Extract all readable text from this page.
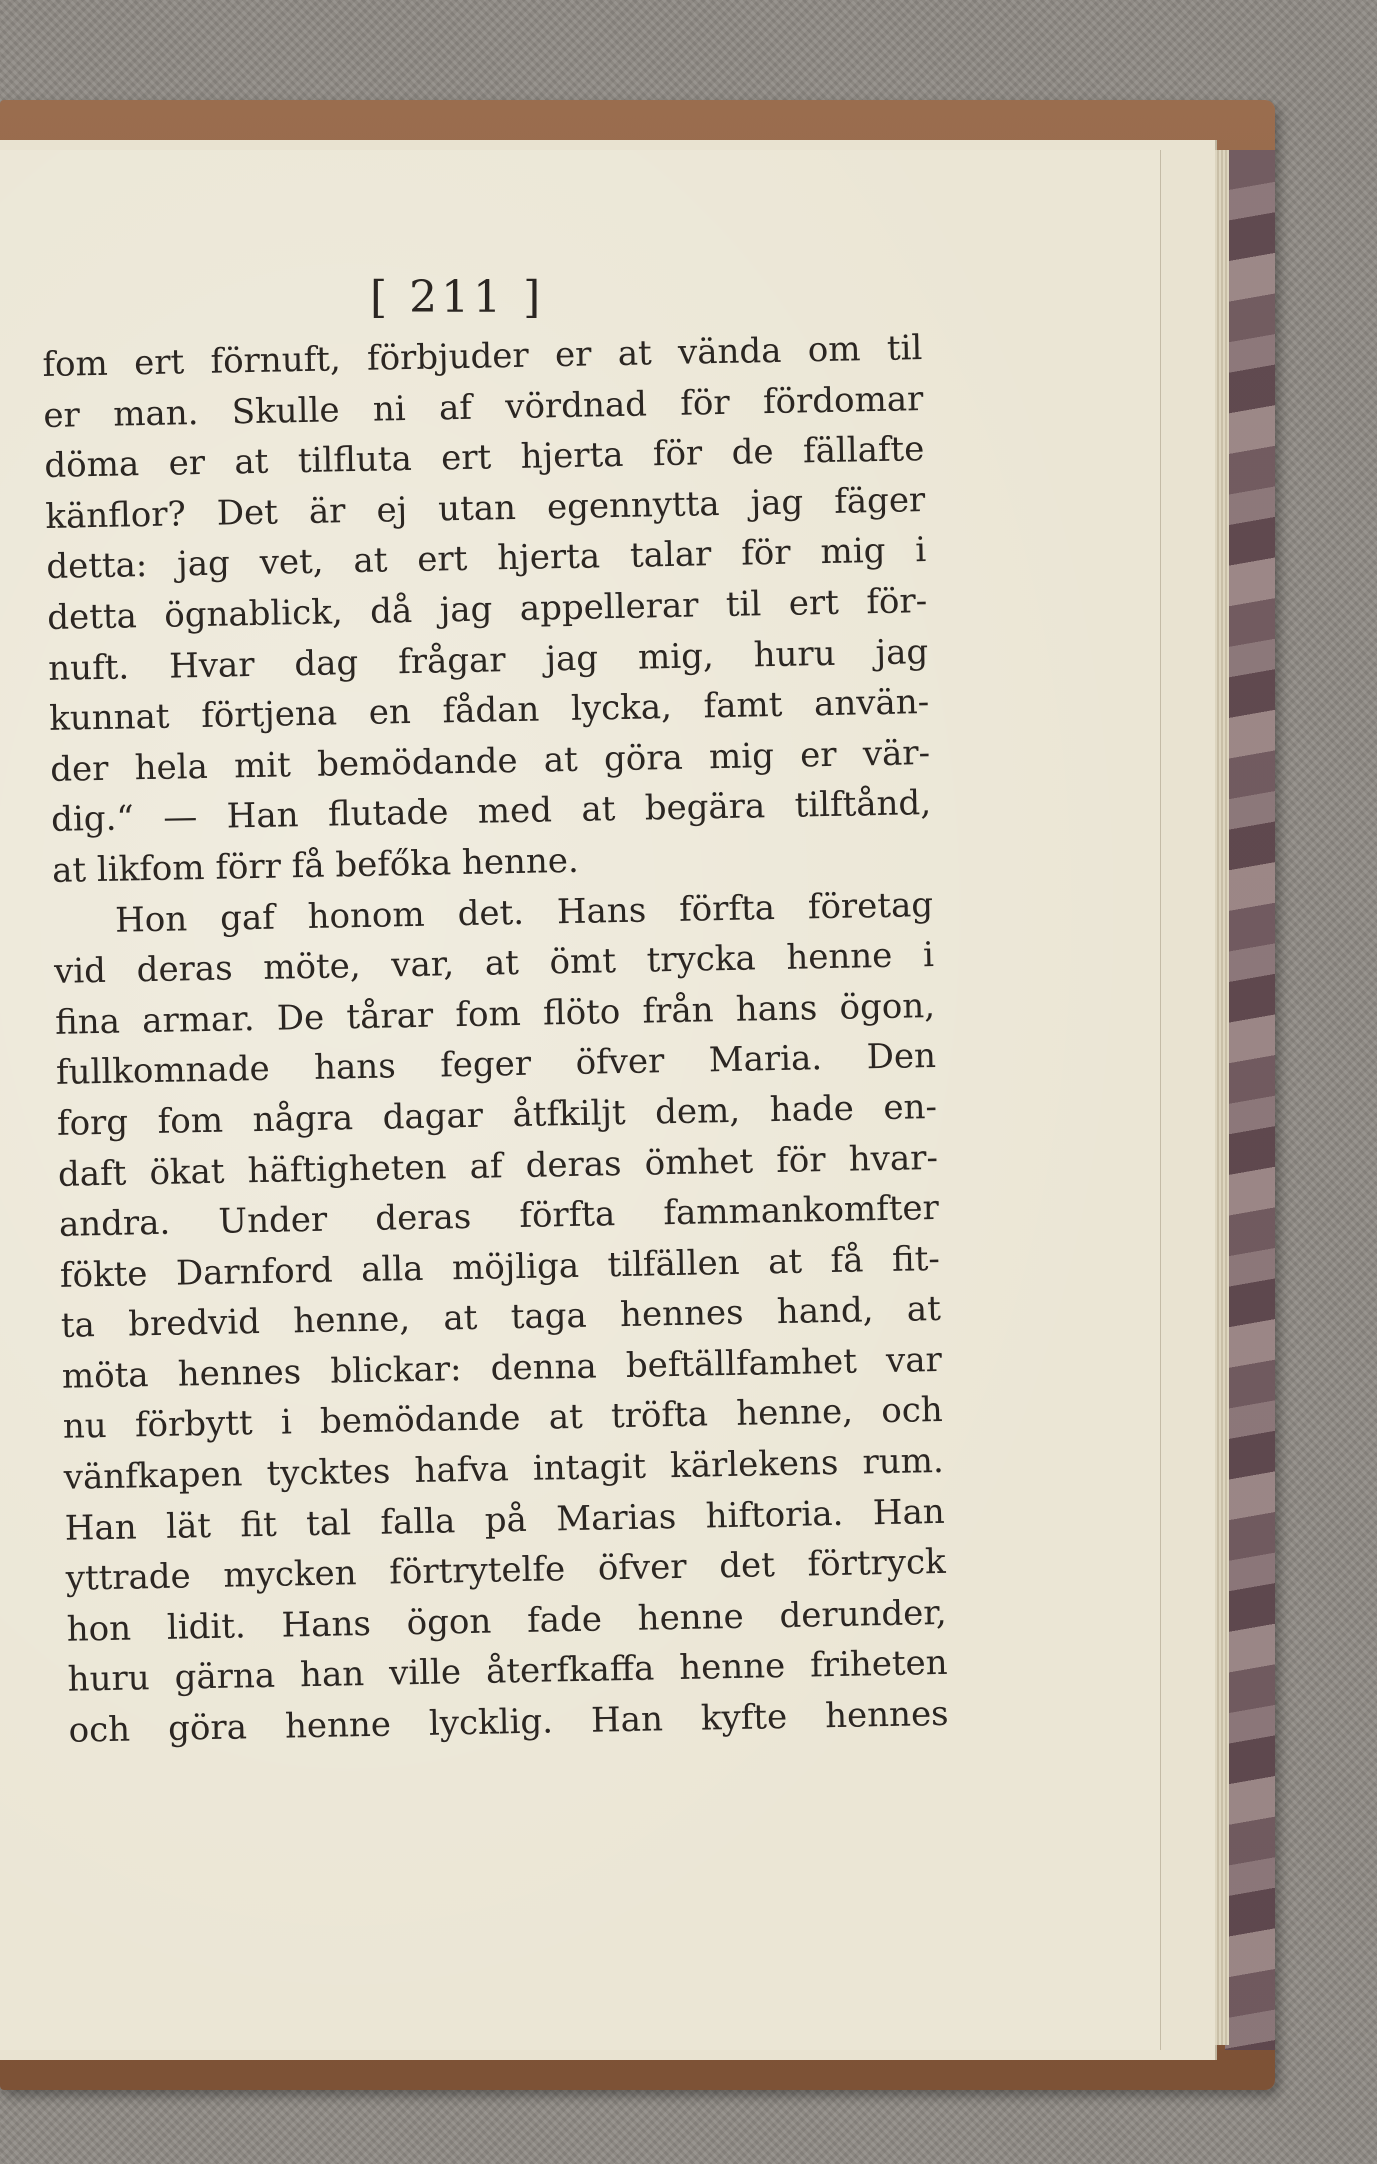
[ 211 ]
fom ert förnuft, förbjuder er at vända om til
er man. Skulle ni af vördnad för fördomar
döma er at tilfluta ert hjerta för de fällafte
känflor? Det är ej utan egennytta jag fäger
detta: jag vet, at ert hjerta talar för mig i
detta ögnablick, då jag appellerar til ert för-
nuft. Hvar dag frågar jag mig, huru jag
kunnat förtjena en fådan lycka, famt använ-
der hela mit bemödande at göra mig er vär-
dig.“ — Han flutade med at begära tilftånd,
at likfom förr få befőka henne.
Hon gaf honom det. Hans förfta företag
vid deras möte, var, at ömt trycka henne i
fina armar. De tårar fom flöto från hans ögon,
fullkomnade hans feger öfver Maria. Den
forg fom några dagar åtfkiljt dem, hade en-
daft ökat häftigheten af deras ömhet för hvar-
andra. Under deras förfta fammankomfter
fökte Darnford alla möjliga tilfällen at få fit-
ta bredvid henne, at taga hennes hand, at
möta hennes blickar: denna beftällfamhet var
nu förbytt i bemödande at tröfta henne, och
vänfkapen tycktes hafva intagit kärlekens rum.
Han lät fit tal falla på Marias hiftoria. Han
yttrade mycken förtrytelfe öfver det förtryck
hon lidit. Hans ögon fade henne derunder,
huru gärna han ville återfkaffa henne friheten
och göra henne lycklig. Han kyfte hennes
